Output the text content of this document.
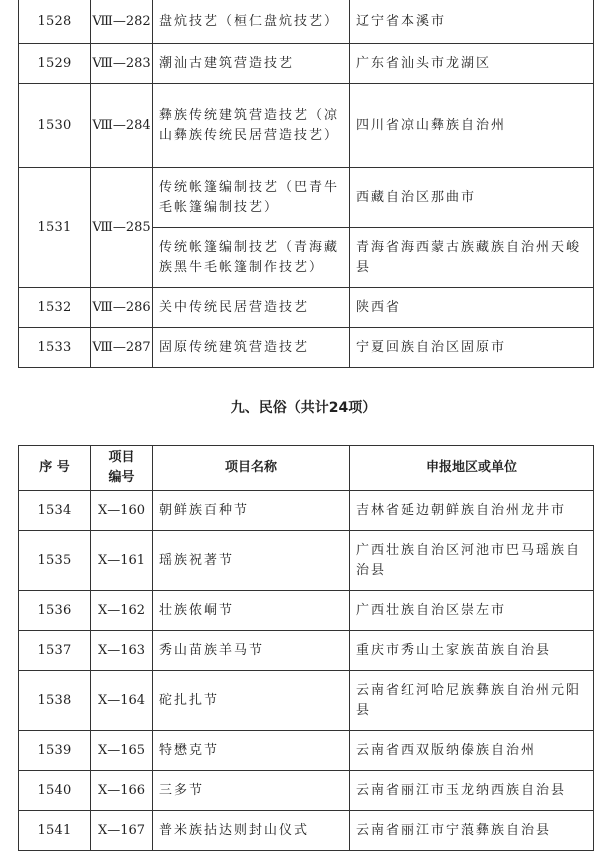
1528	Ⅷ—282	盘炕技艺（桓仁盘炕技艺）	辽宁省本溪市
1529	Ⅷ—283	潮汕古建筑营造技艺	广东省汕头市龙湖区
1530	Ⅷ—284	彝族传统建筑营造技艺（凉山彝族传统民居营造技艺）	四川省凉山彝族自治州
1531	Ⅷ—285	传统帐篷编制技艺（巴青牛毛帐篷编制技艺）	西藏自治区那曲市
		传统帐篷编制技艺（青海藏族黑牛毛帐篷制作技艺）	青海省海西蒙古族藏族自治州天峻县
1532	Ⅷ—286	关中传统民居营造技艺	陕西省
1533	Ⅷ—287	固原传统建筑营造技艺	宁夏回族自治区固原市
九、民俗（共计24项）
序 号	项目编号	项目名称	申报地区或单位
1534	Ⅹ—160	朝鲜族百种节	吉林省延边朝鲜族自治州龙井市
1535	Ⅹ—161	瑶族祝著节	广西壮族自治区河池市巴马瑶族自治县
1536	Ⅹ—162	壮族侬峒节	广西壮族自治区崇左市
1537	Ⅹ—163	秀山苗族羊马节	重庆市秀山土家族苗族自治县
1538	Ⅹ—164	砣扎扎节	云南省红河哈尼族彝族自治州元阳县
1539	Ⅹ—165	特懋克节	云南省西双版纳傣族自治州
1540	Ⅹ—166	三多节	云南省丽江市玉龙纳西族自治县
1541	Ⅹ—167	普米族拈达则封山仪式	云南省丽江市宁蒗彝族自治县
